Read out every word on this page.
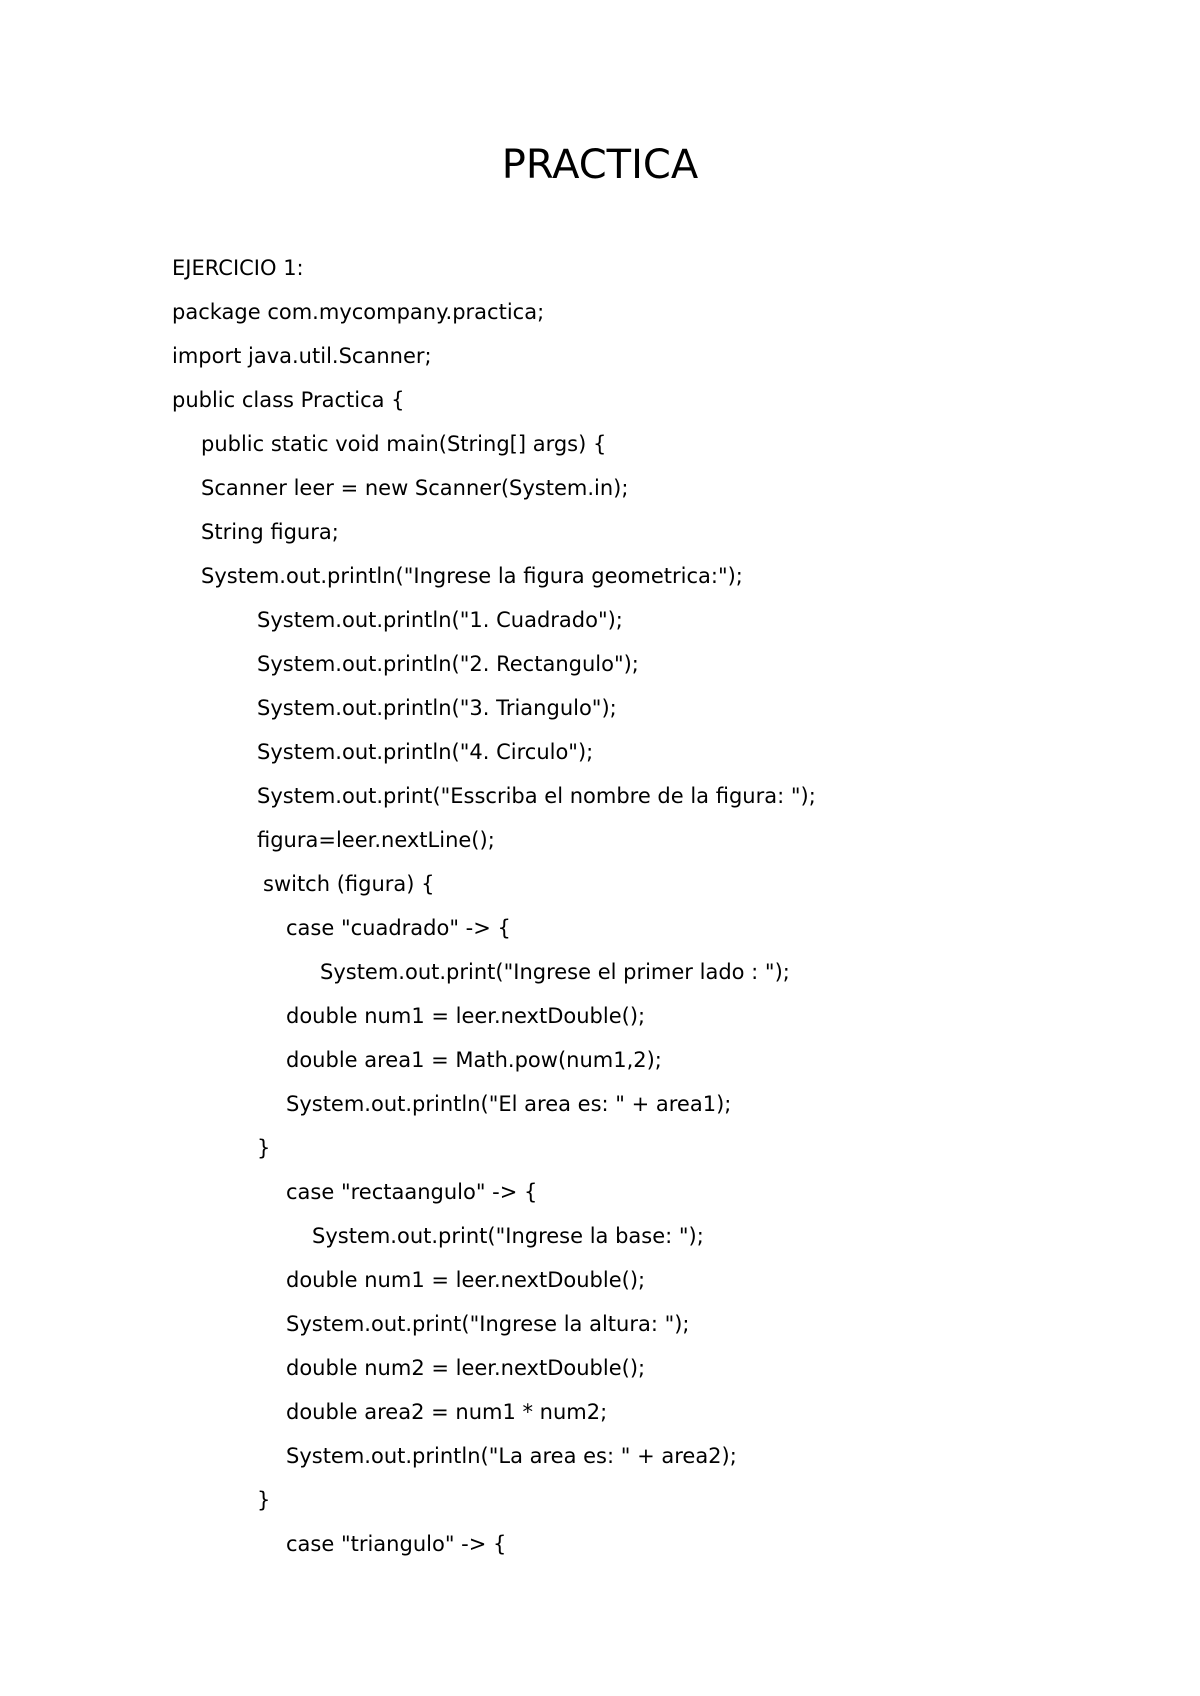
PRACTICA
EJERCICIO 1:
package com.mycompany.practica;
import java.util.Scanner;
public class Practica {
public static void main(String[] args) {
Scanner leer = new Scanner(System.in);
String figura;
System.out.println("Ingrese la figura geometrica:");
System.out.println("1. Cuadrado");
System.out.println("2. Rectangulo");
System.out.println("3. Triangulo");
System.out.println("4. Circulo");
System.out.print("Esscriba el nombre de la figura: ");
figura=leer.nextLine();
switch (figura) {
case "cuadrado" -> {
System.out.print("Ingrese el primer lado : ");
double num1 = leer.nextDouble();
double area1 = Math.pow(num1,2);
System.out.println("El area es: " + area1);
}
case "rectaangulo" -> {
System.out.print("Ingrese la base: ");
double num1 = leer.nextDouble();
System.out.print("Ingrese la altura: ");
double num2 = leer.nextDouble();
double area2 = num1 * num2;
System.out.println("La area es: " + area2);
}
case "triangulo" -> {
